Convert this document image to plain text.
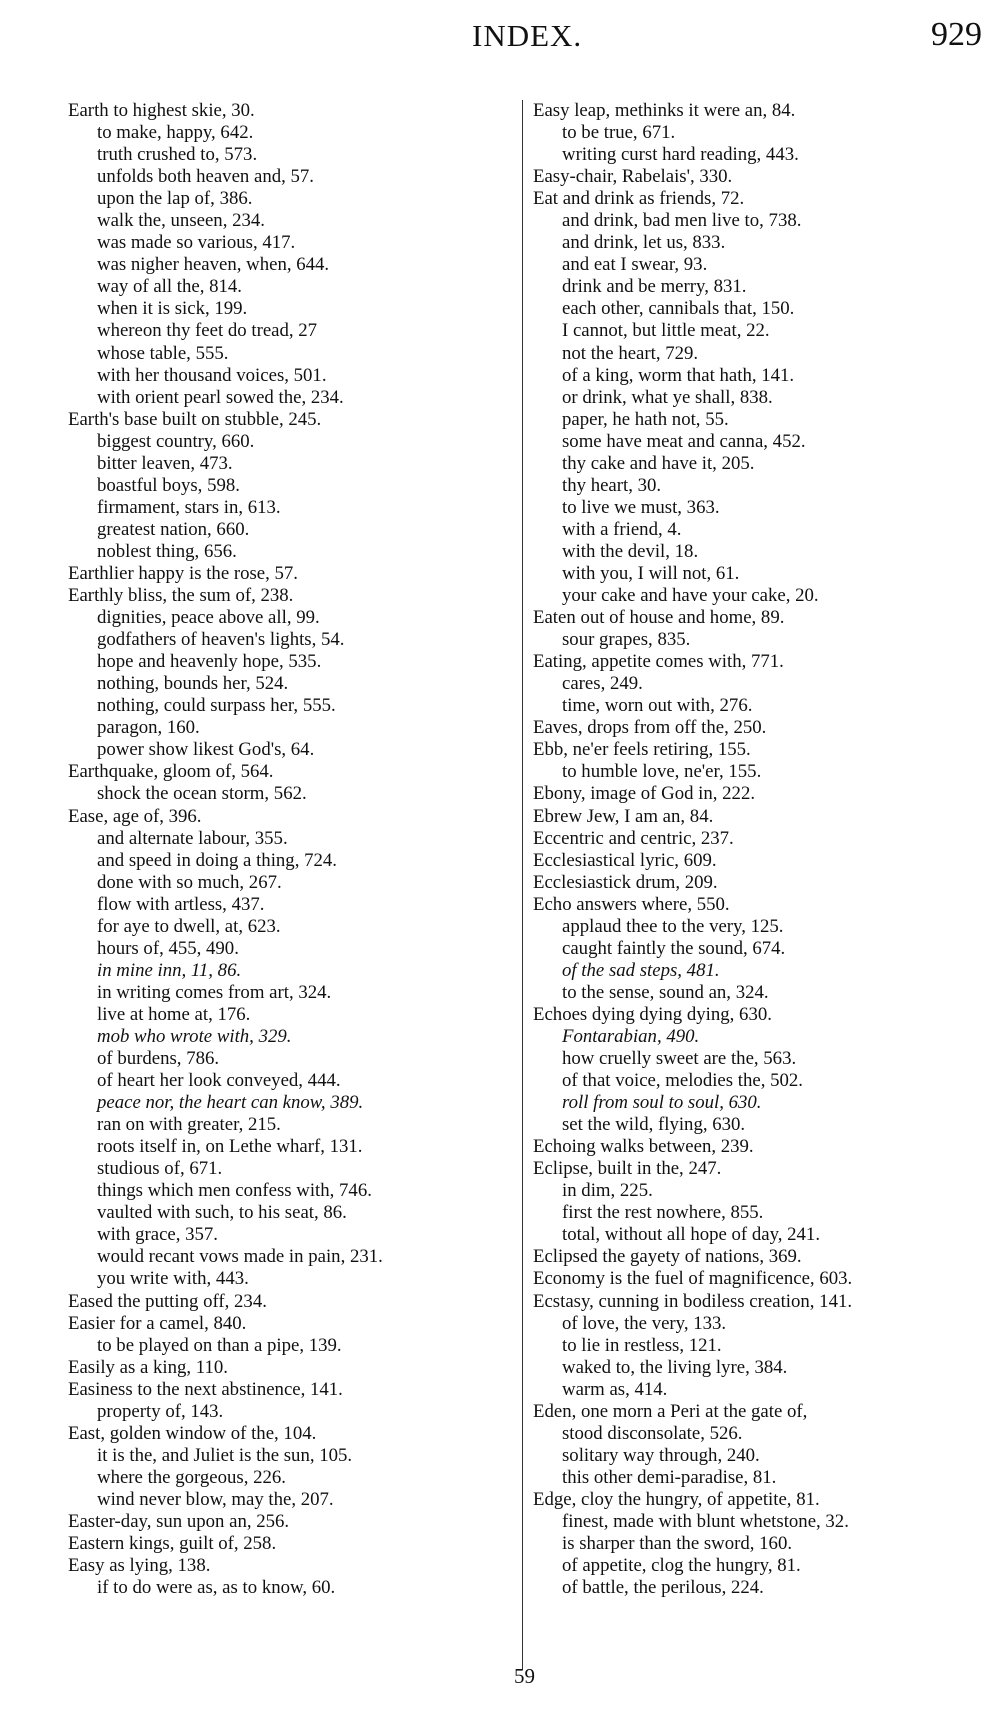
INDEX.	929
Earth to highest skie, 30.
to make, happy, 642.
truth crushed to, 573.
unfolds both heaven and, 57.
upon the lap of, 386.
walk the, unseen, 234.
was made so various, 417.
was nigher heaven, when, 644.
way of all the, 814.
when it is sick, 199.
whereon thy feet do tread, 27
whose table, 555.
with her thousand voices, 501.
with orient pearl sowed the, 234.
Earth's base built on stubble, 245.
biggest country, 660.
bitter leaven, 473.
boastful boys, 598.
firmament, stars in, 613.
greatest nation, 660.
noblest thing, 656.
Earthlier happy is the rose, 57.
Earthly bliss, the sum of, 238.
dignities, peace above all, 99.
godfathers of heaven's lights, 54.
hope and heavenly hope, 535.
nothing, bounds her, 524.
nothing, could surpass her, 555.
paragon, 160.
power show likest God's, 64.
Earthquake, gloom of, 564.
shock the ocean storm, 562.
Ease, age of, 396.
and alternate labour, 355.
and speed in doing a thing, 724.
done with so much, 267.
flow with artless, 437.
for aye to dwell, at, 623.
hours of, 455, 490.
in mine inn, 11, 86.
in writing comes from art, 324.
live at home at, 176.
mob who wrote with, 329.
of burdens, 786.
of heart her look conveyed, 444.
peace nor, the heart can know, 389.
ran on with greater, 215.
roots itself in, on Lethe wharf, 131.
studious of, 671.
things which men confess with, 746.
vaulted with such, to his seat, 86.
with grace, 357.
would recant vows made in pain, 231.
you write with, 443.
Eased the putting off, 234.
Easier for a camel, 840.
to be played on than a pipe, 139.
Easily as a king, 110.
Easiness to the next abstinence, 141.
property of, 143.
East, golden window of the, 104.
it is the, and Juliet is the sun, 105.
where the gorgeous, 226.
wind never blow, may the, 207.
Easter-day, sun upon an, 256.
Eastern kings, guilt of, 258.
Easy as lying, 138.
if to do were as, as to know, 60.
Easy leap, methinks it were an, 84.
to be true, 671.
writing curst hard reading, 443.
Easy-chair, Rabelais', 330.
Eat and drink as friends, 72.
and drink, bad men live to, 738.
and drink, let us, 833.
and eat I swear, 93.
drink and be merry, 831.
each other, cannibals that, 150.
I cannot, but little meat, 22.
not the heart, 729.
of a king, worm that hath, 141.
or drink, what ye shall, 838.
paper, he hath not, 55.
some have meat and canna, 452.
thy cake and have it, 205.
thy heart, 30.
to live we must, 363.
with a friend, 4.
with the devil, 18.
with you, I will not, 61.
your cake and have your cake, 20.
Eaten out of house and home, 89.
sour grapes, 835.
Eating, appetite comes with, 771.
cares, 249.
time, worn out with, 276.
Eaves, drops from off the, 250.
Ebb, ne'er feels retiring, 155.
to humble love, ne'er, 155.
Ebony, image of God in, 222.
Ebrew Jew, I am an, 84.
Eccentric and centric, 237.
Ecclesiastical lyric, 609.
Ecclesiastick drum, 209.
Echo answers where, 550.
applaud thee to the very, 125.
caught faintly the sound, 674.
of the sad steps, 481.
to the sense, sound an, 324.
Echoes dying dying dying, 630.
Fontarabian, 490.
how cruelly sweet are the, 563.
of that voice, melodies the, 502.
roll from soul to soul, 630.
set the wild, flying, 630.
Echoing walks between, 239.
Eclipse, built in the, 247.
in dim, 225.
first the rest nowhere, 855.
total, without all hope of day, 241.
Eclipsed the gayety of nations, 369.
Economy is the fuel of magnificence, 603.
Ecstasy, cunning in bodiless creation, 141.
of love, the very, 133.
to lie in restless, 121.
waked to, the living lyre, 384.
warm as, 414.
Eden, one morn a Peri at the gate of,
stood disconsolate, 526.
solitary way through, 240.
this other demi-paradise, 81.
Edge, cloy the hungry, of appetite, 81.
finest, made with blunt whetstone, 32.
is sharper than the sword, 160.
of appetite, clog the hungry, 81.
of battle, the perilous, 224.
59
